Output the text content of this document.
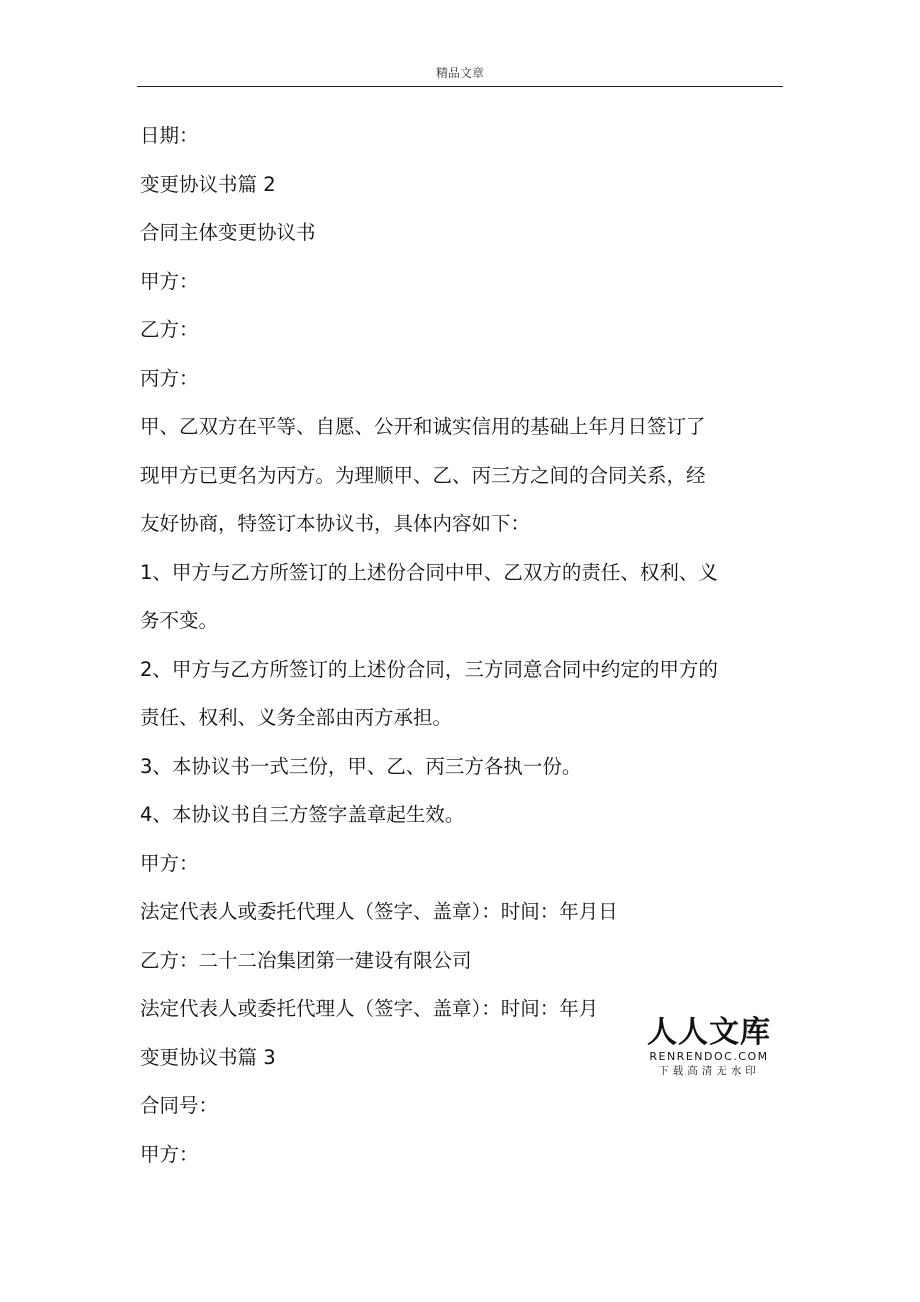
精品文章
日期：
变更协议书篇 2
合同主体变更协议书
甲方：
乙方：
丙方：
甲、乙双方在平等、自愿、公开和诚实信用的基础上年月日签订了
现甲方已更名为丙方。为理顺甲、乙、丙三方之间的合同关系，经
友好协商，特签订本协议书，具体内容如下：
1、甲方与乙方所签订的上述份合同中甲、乙双方的责任、权利、义
务不变。
2、甲方与乙方所签订的上述份合同，三方同意合同中约定的甲方的
责任、权利、义务全部由丙方承担。
3、本协议书一式三份，甲、乙、丙三方各执一份。
4、本协议书自三方签字盖章起生效。
甲方：
法定代表人或委托代理人（签字、盖章）：时间：年月日
乙方：二十二冶集团第一建设有限公司
法定代表人或委托代理人（签字、盖章）：时间：年月
变更协议书篇 3
合同号：
甲方：
人人文库
RENRENDOC.COM
下载高清无水印
